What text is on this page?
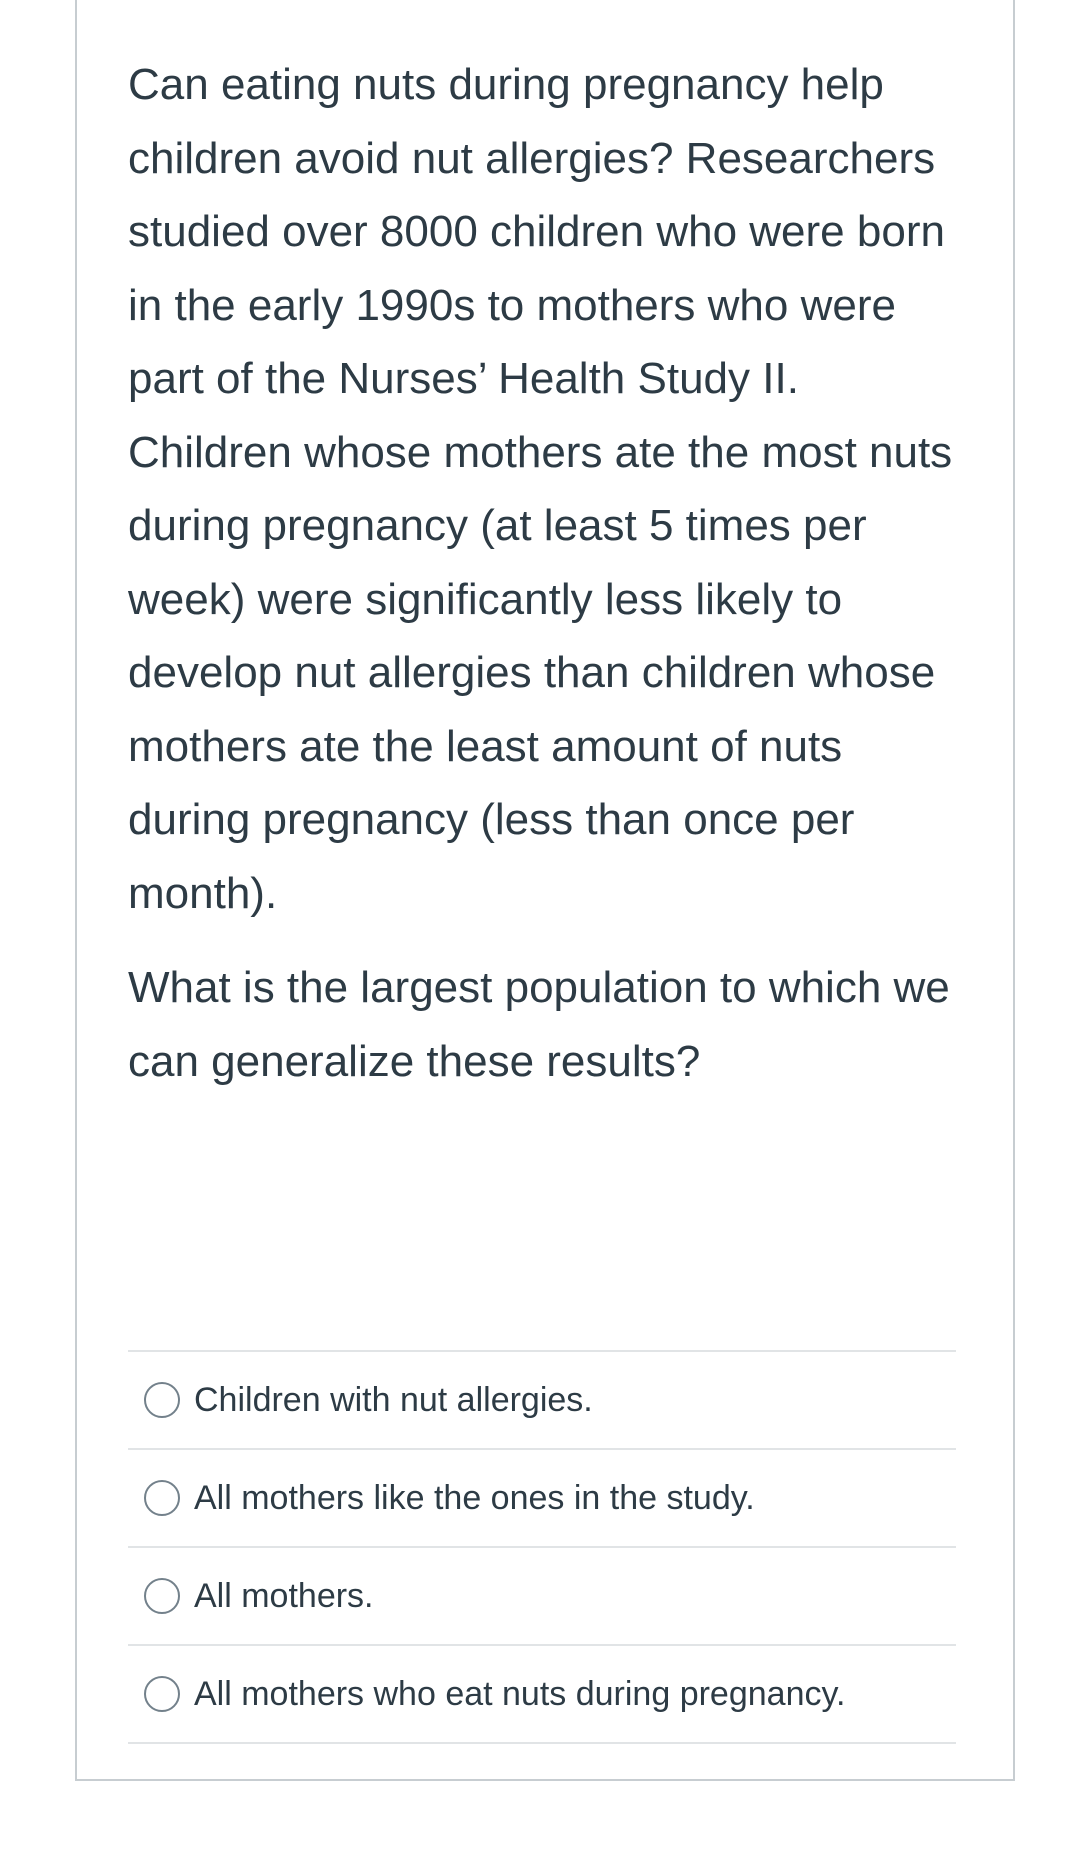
Can eating nuts during pregnancy help children avoid nut allergies? Researchers studied over 8000 children who were born in the early 1990s to mothers who were part of the Nurses’ Health Study II. Children whose mothers ate the most nuts during pregnancy (at least 5 times per week) were significantly less likely to develop nut allergies than children whose mothers ate the least amount of nuts during pregnancy (less than once per month).

What is the largest population to which we can generalize these results?

Children with nut allergies.
All mothers like the ones in the study.
All mothers.
All mothers who eat nuts during pregnancy.
